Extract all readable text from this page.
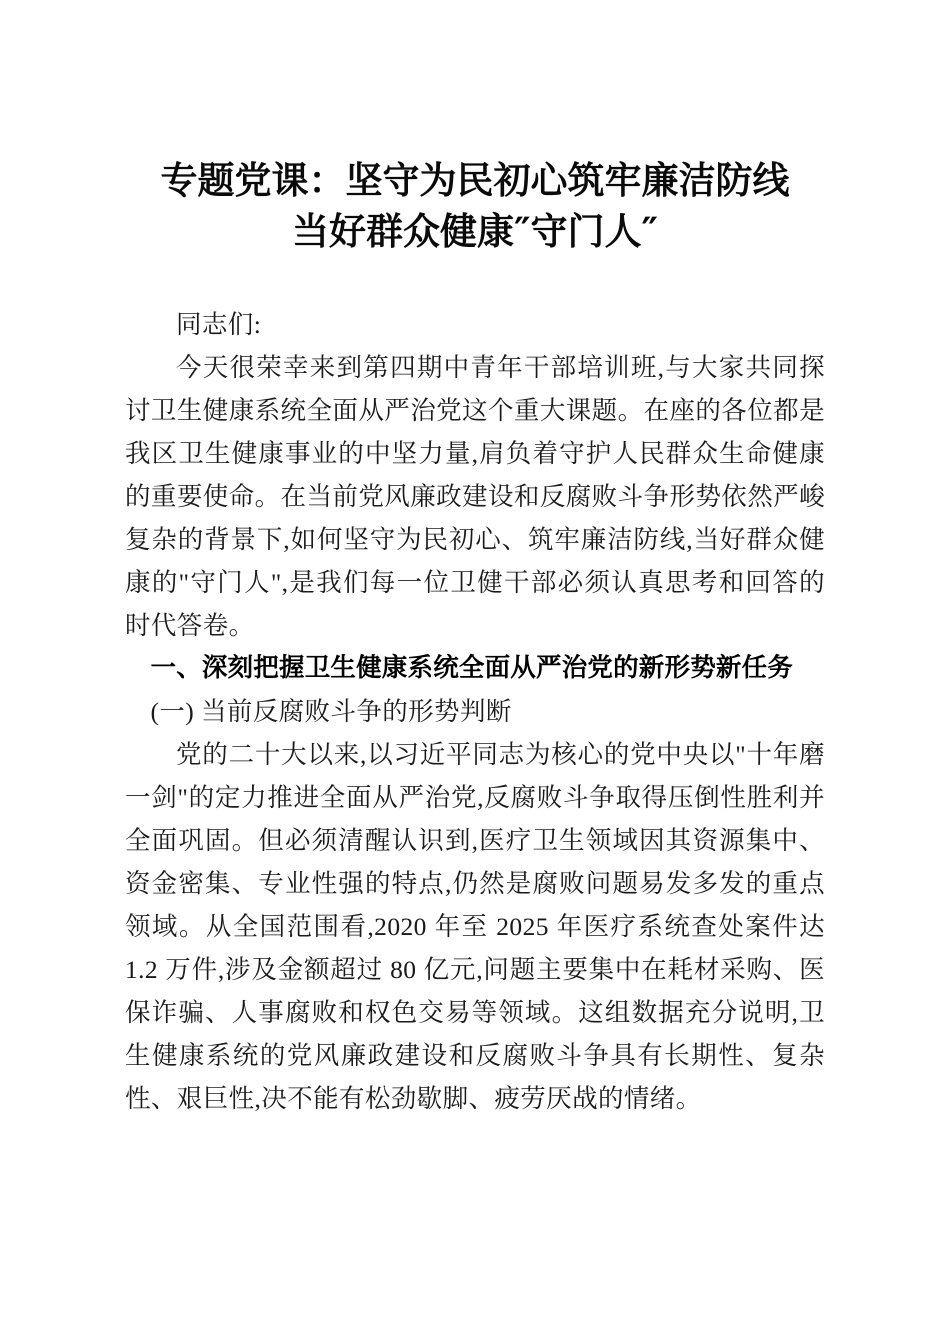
专题党课：坚守为民初心筑牢廉洁防线
当好群众健康″守门人″

同志们:

今天很荣幸来到第四期中青年干部培训班,与大家共同探讨卫生健康系统全面从严治党这个重大课题。在座的各位都是我区卫生健康事业的中坚力量,肩负着守护人民群众生命健康的重要使命。在当前党风廉政建设和反腐败斗争形势依然严峻复杂的背景下,如何坚守为民初心、筑牢廉洁防线,当好群众健康的"守门人",是我们每一位卫健干部必须认真思考和回答的时代答卷。

一、深刻把握卫生健康系统全面从严治党的新形势新任务
(一) 当前反腐败斗争的形势判断

党的二十大以来,以习近平同志为核心的党中央以"十年磨一剑"的定力推进全面从严治党,反腐败斗争取得压倒性胜利并全面巩固。但必须清醒认识到,医疗卫生领域因其资源集中、资金密集、专业性强的特点,仍然是腐败问题易发多发的重点领域。从全国范围看,2020 年至 2025 年医疗系统查处案件达 1.2 万件,涉及金额超过 80 亿元,问题主要集中在耗材采购、医保诈骗、人事腐败和权色交易等领域。这组数据充分说明,卫生健康系统的党风廉政建设和反腐败斗争具有长期性、复杂性、艰巨性,决不能有松劲歇脚、疲劳厌战的情绪。
